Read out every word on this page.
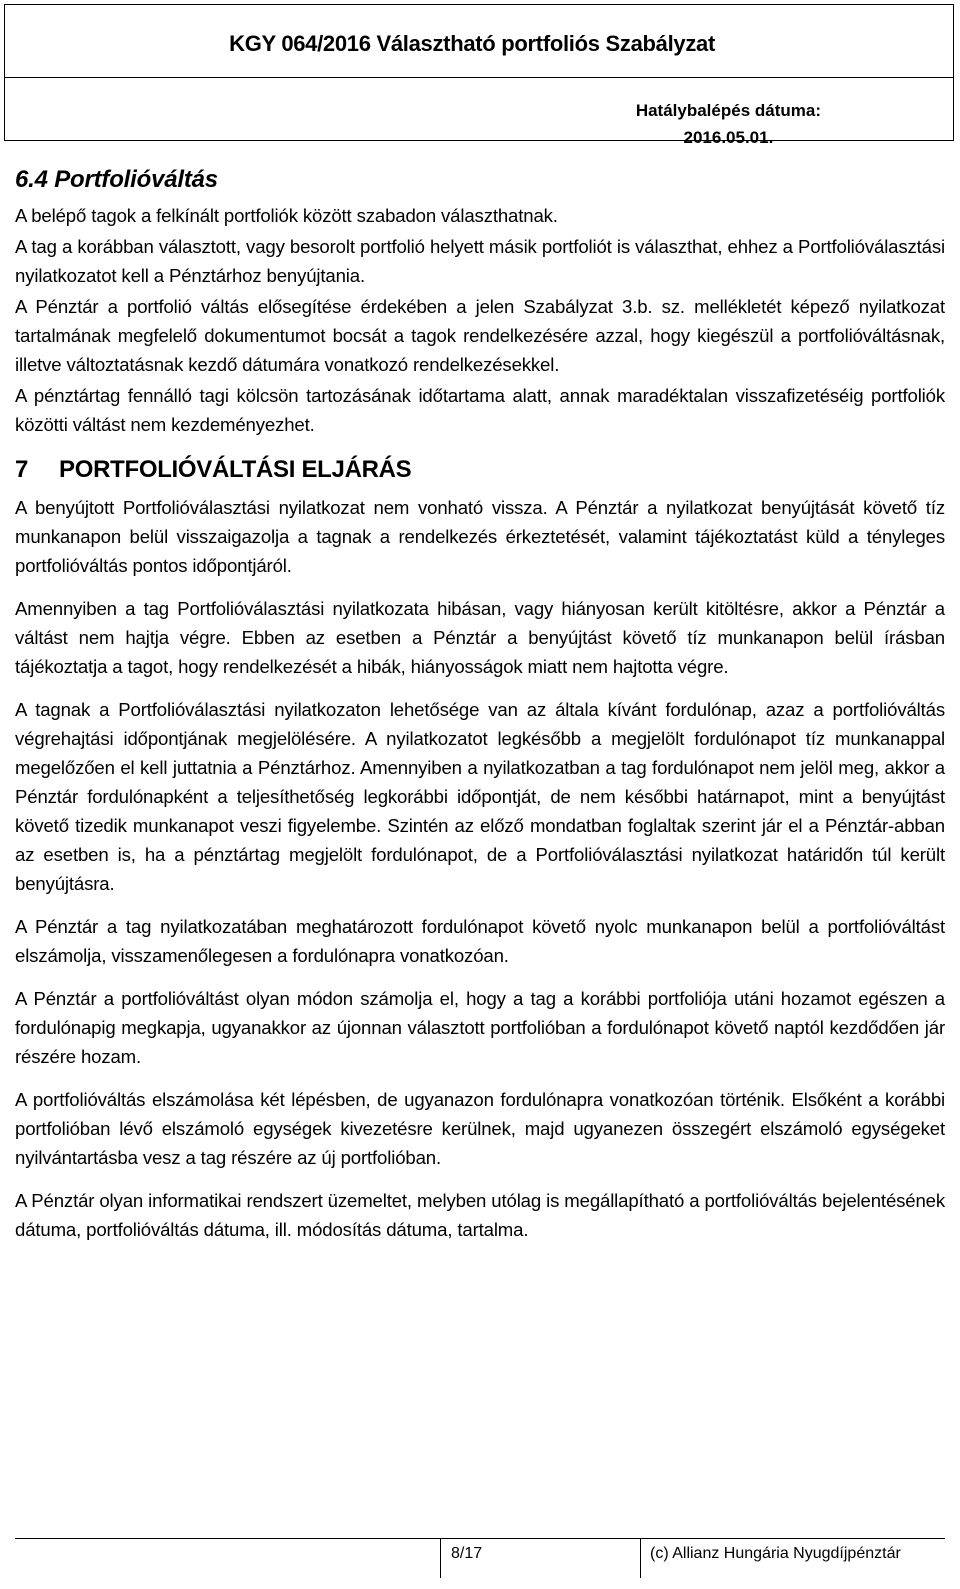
KGY 064/2016 Választható portfoliós Szabályzat
Hatálybalépés dátuma:
2016.05.01.
6.4 Portfolióváltás

A belépő tagok a felkínált portfoliók között szabadon választhatnak.

A tag a korábban választott, vagy besorolt portfolió helyett másik portfoliót is választhat, ehhez a Portfolióválasztási nyilatkozatot kell a Pénztárhoz benyújtania.

A Pénztár a portfolió váltás elősegítése érdekében a jelen Szabályzat 3.b. sz. mellékletét képező nyilatkozat tartalmának megfelelő dokumentumot bocsát a tagok rendelkezésére azzal, hogy kiegészül a portfolióváltásnak, illetve változtatásnak kezdő dátumára vonatkozó rendelkezésekkel.

A pénztártag fennálló tagi kölcsön tartozásának időtartama alatt, annak maradéktalan visszafizetéséig portfoliók közötti váltást nem kezdeményezhet.

7 PORTFOLIÓVÁLTÁSI ELJÁRÁS

A benyújtott Portfolióválasztási nyilatkozat nem vonható vissza. A Pénztár a nyilatkozat benyújtását követő tíz munkanapon belül visszaigazolja a tagnak a rendelkezés érkeztetését, valamint tájékoztatást küld a tényleges portfolióváltás pontos időpontjáról.

Amennyiben a tag Portfolióválasztási nyilatkozata hibásan, vagy hiányosan került kitöltésre, akkor a Pénztár a váltást nem hajtja végre. Ebben az esetben a Pénztár a benyújtást követő tíz munkanapon belül írásban tájékoztatja a tagot, hogy rendelkezését a hibák, hiányosságok miatt nem hajtotta végre.

A tagnak a Portfolióválasztási nyilatkozaton lehetősége van az általa kívánt fordulónap, azaz a portfolióváltás végrehajtási időpontjának megjelölésére. A nyilatkozatot legkésőbb a megjelölt fordulónapot tíz munkanappal megelőzően el kell juttatnia a Pénztárhoz. Amennyiben a nyilatkozatban a tag fordulónapot nem jelöl meg, akkor a Pénztár fordulónapként a teljesíthetőség legkorábbi időpontját, de nem későbbi határnapot, mint a benyújtást követő tizedik munkanapot veszi figyelembe. Szintén az előző mondatban foglaltak szerint jár el a Pénztár-abban az esetben is, ha a pénztártag megjelölt fordulónapot, de a Portfolióválasztási nyilatkozat határidőn túl került benyújtásra.

A Pénztár a tag nyilatkozatában meghatározott fordulónapot követő nyolc munkanapon belül a portfolióváltást elszámolja, visszamenőlegesen a fordulónapra vonatkozóan.

A Pénztár a portfolióváltást olyan módon számolja el, hogy a tag a korábbi portfoliója utáni hozamot egészen a fordulónapig megkapja, ugyanakkor az újonnan választott portfolióban a fordulónapot követő naptól kezdődően jár részére hozam.

A portfolióváltás elszámolása két lépésben, de ugyanazon fordulónapra vonatkozóan történik. Elsőként a korábbi portfolióban lévő elszámoló egységek kivezetésre kerülnek, majd ugyanezen összegért elszámoló egységeket nyilvántartásba vesz a tag részére az új portfolióban.

A Pénztár olyan informatikai rendszert üzemeltet, melyben utólag is megállapítható a portfolióváltás bejelentésének dátuma, portfolióváltás dátuma, ill. módosítás dátuma, tartalma.

8/17	(c) Allianz Hungária Nyugdíjpénztár
